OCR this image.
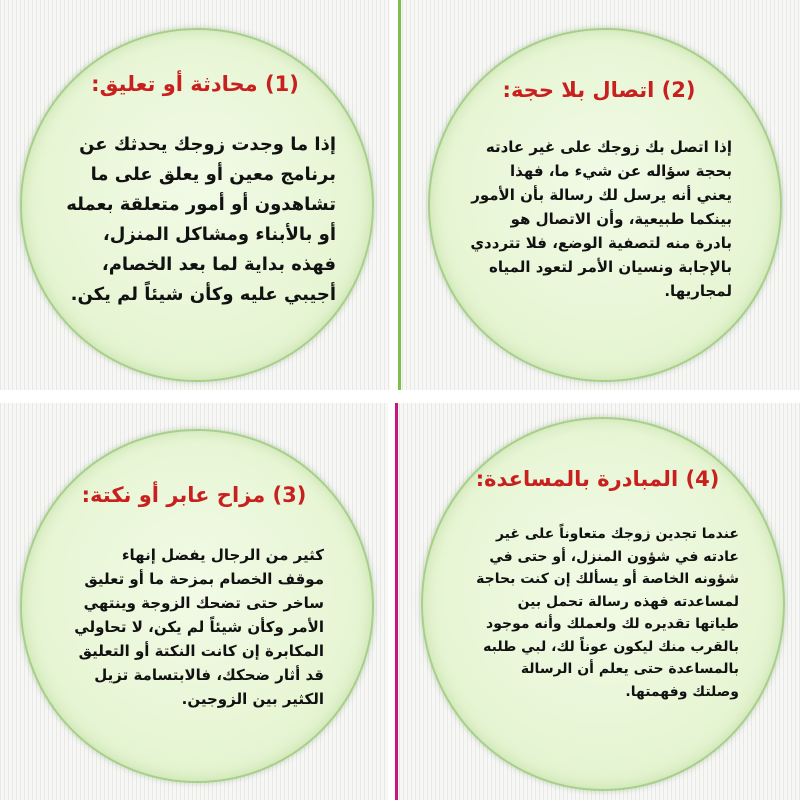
(1) محادثة أو تعليق:
إذا ما وجدت زوجك يحدثك عن برنامج معين أو يعلق على ما تشاهدون أو أمور متعلقة بعمله أو بالأبناء ومشاكل المنزل، فهذه بداية لما بعد الخصام، أجيبي عليه وكأن شيئاً لم يكن.
(2) اتصال بلا حجة:
إذا اتصل بك زوجك على غير عادته بحجة سؤاله عن شيء ما، فهذا يعني أنه يرسل لك رسالة بأن الأمور بينكما طبيعية، وأن الاتصال هو بادرة منه لتصفية الوضع، فلا تترددي بالإجابة ونسيان الأمر لتعود المياه لمجاريها.
(3) مزاح عابر أو نكتة:
كثير من الرجال يفضل إنهاء موقف الخصام بمزحة ما أو تعليق ساخر حتى تضحك الزوجة وينتهي الأمر وكأن شيئاً لم يكن، لا تحاولي المكابرة إن كانت النكتة أو التعليق قد أثار ضحكك، فالابتسامة تزيل الكثير بين الزوجين.
(4) المبادرة بالمساعدة:
عندما تجدين زوجك متعاوناً على غير عادته في شؤون المنزل، أو حتى في شؤونه الخاصة أو يسألك إن كنت بحاجة لمساعدته فهذه رسالة تحمل بين طياتها تقديره لك ولعملك وأنه موجود بالقرب منك ليكون عوناً لك، لبي طلبه بالمساعدة حتى يعلم أن الرسالة وصلتك وفهمتها.
